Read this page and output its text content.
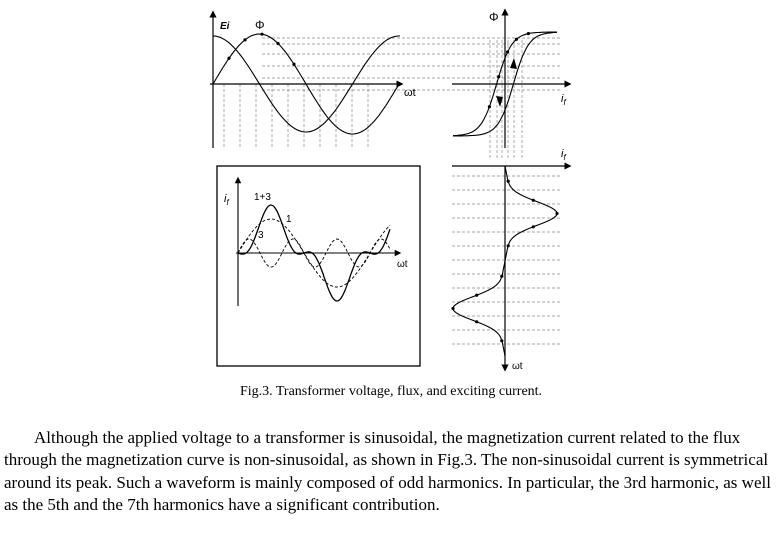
Ei Φ
ωt
Φ
$i_f$
$i_f$	1+3
1
3
ωt
$i_f$
ωt
Fig.3. Transformer voltage, flux, and exciting current.

Although the applied voltage to a transformer is sinusoidal, the magnetization current related to the flux through the magnetization curve is non-sinusoidal, as shown in Fig.3. The non-sinusoidal current is symmetrical around its peak. Such a waveform is mainly composed of odd harmonics. In particular, the 3rd harmonic, as well as the 5th and the 7th harmonics have a significant contribution.
